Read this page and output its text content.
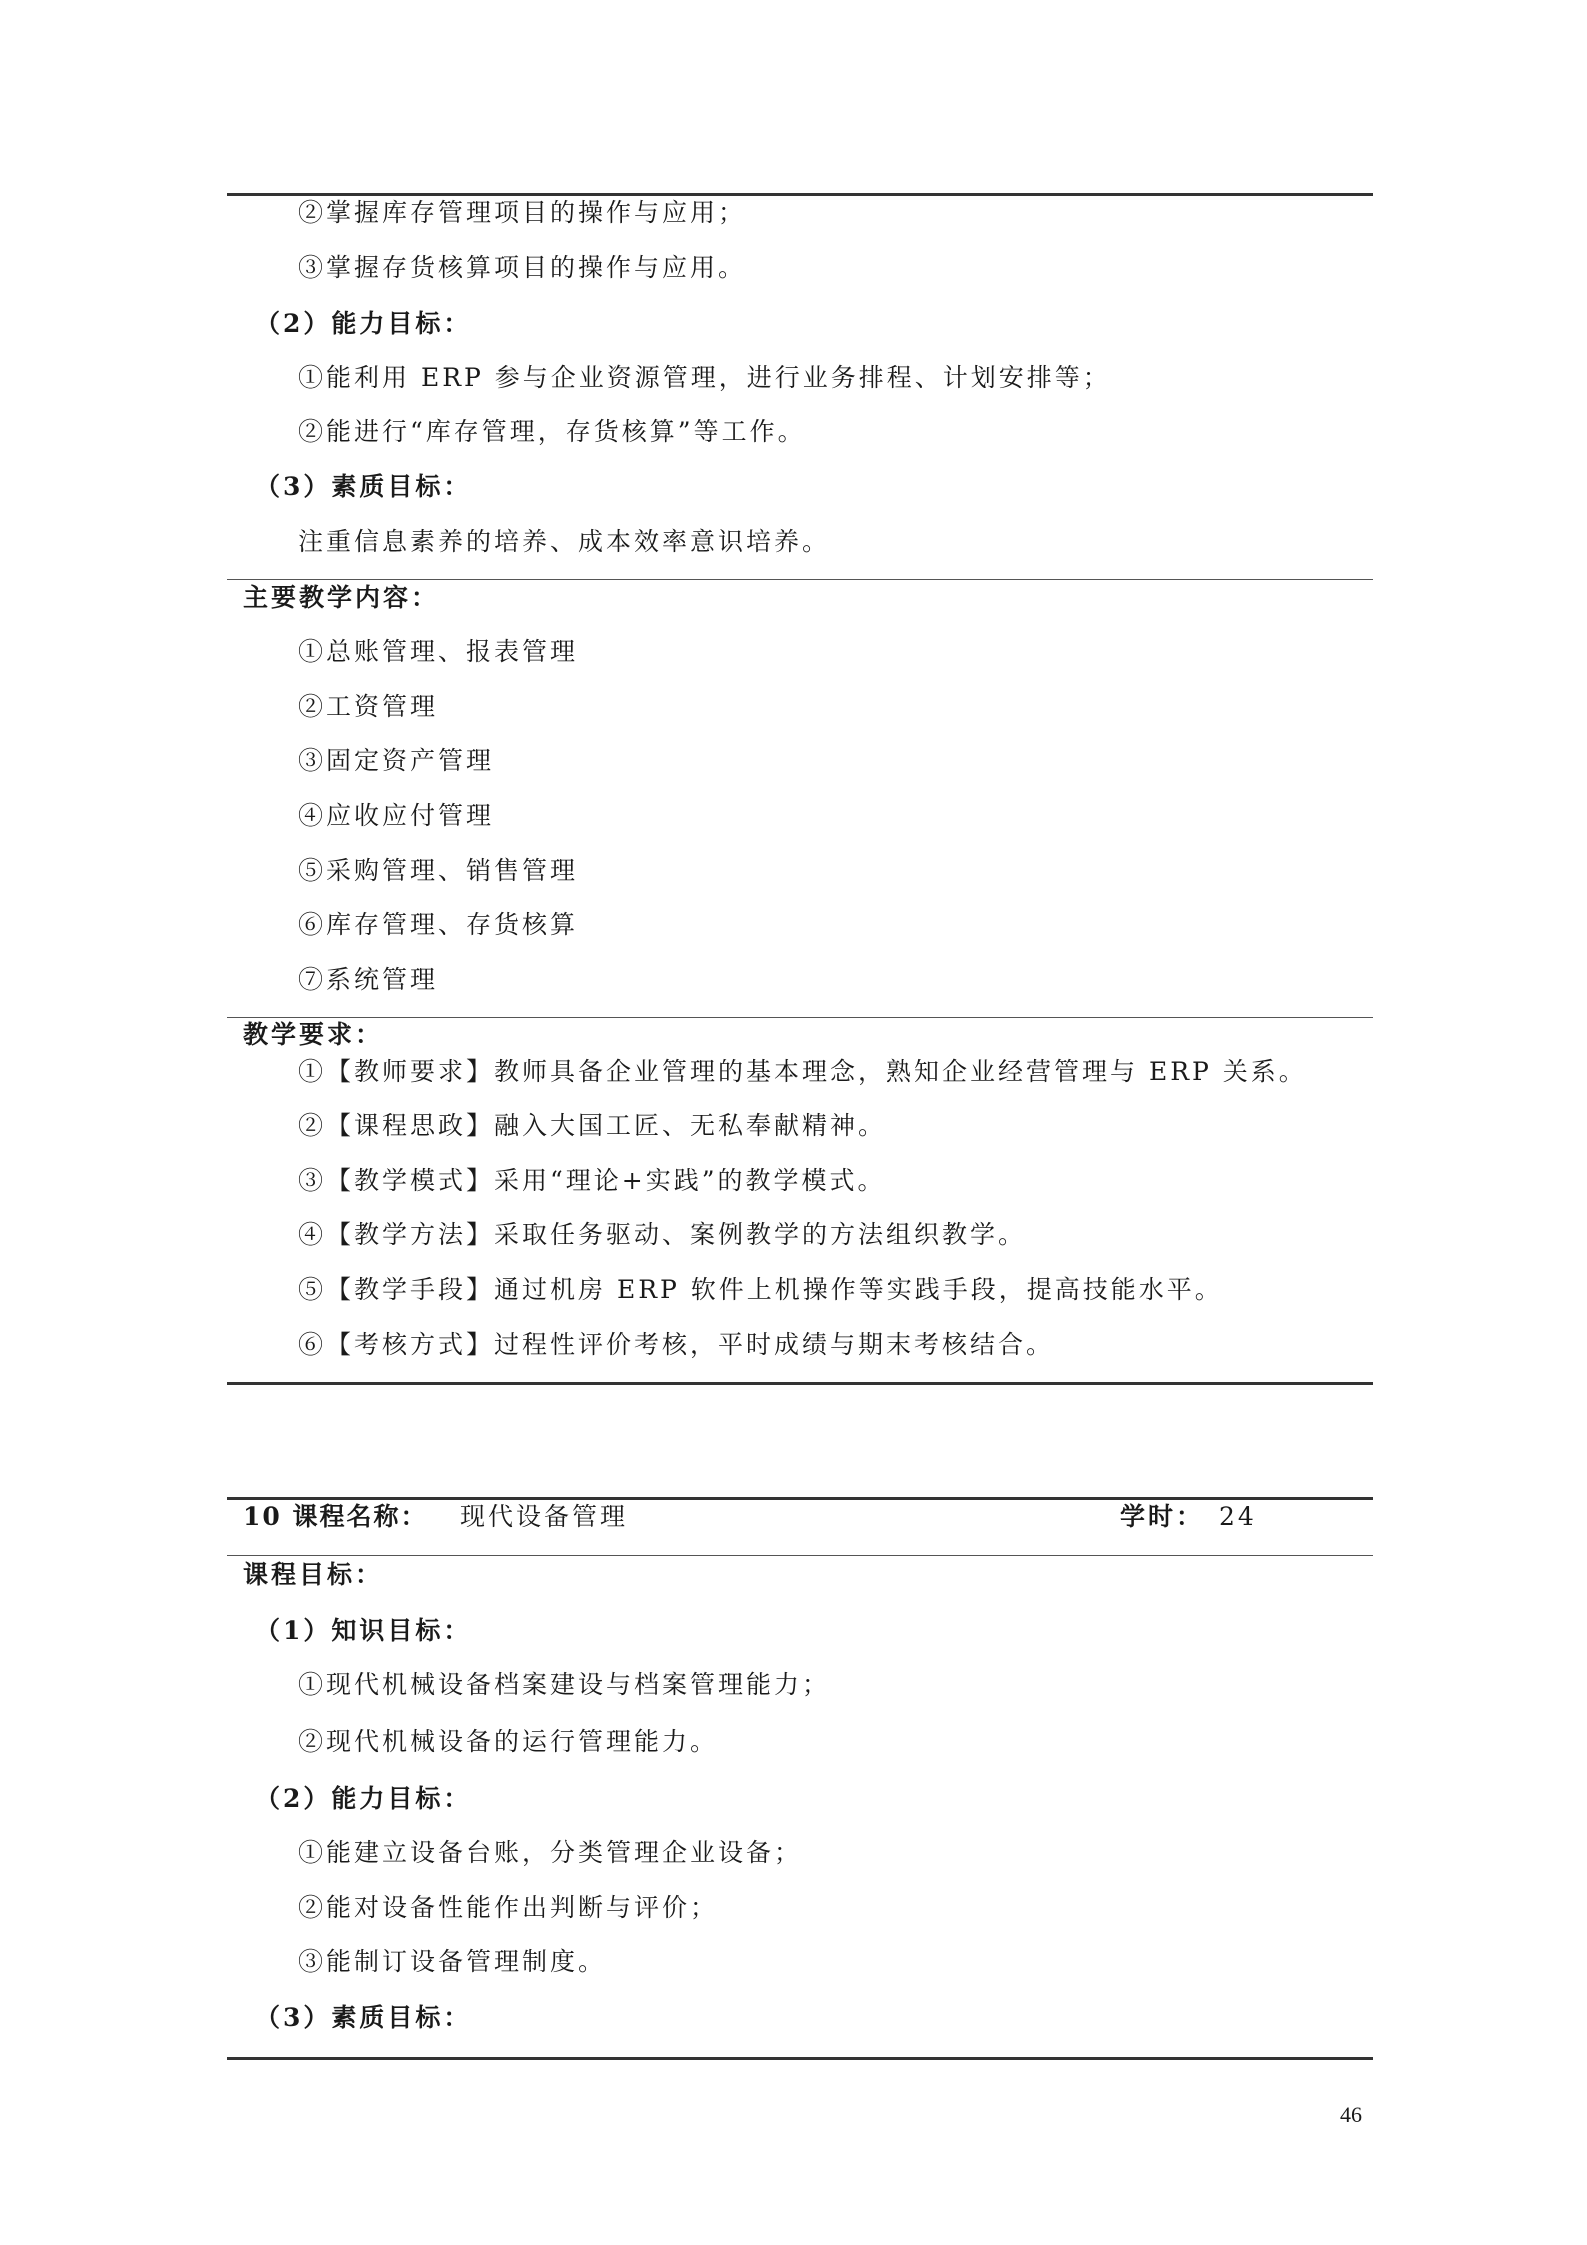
②掌握库存管理项目的操作与应用；
③掌握存货核算项目的操作与应用。
（2）能力目标：
①能利用 ERP 参与企业资源管理，进行业务排程、计划安排等；
②能进行“库存管理，存货核算”等工作。
（3）素质目标：
注重信息素养的培养、成本效率意识培养。
主要教学内容：
①总账管理、报表管理
②工资管理
③固定资产管理
④应收应付管理
⑤采购管理、销售管理
⑥库存管理、存货核算
⑦系统管理
教学要求：
①【教师要求】教师具备企业管理的基本理念，熟知企业经营管理与 ERP 关系。
②【课程思政】融入大国工匠、无私奉献精神。
③【教学模式】采用“理论+实践”的教学模式。
④【教学方法】采取任务驱动、案例教学的方法组织教学。
⑤【教学手段】通过机房 ERP 软件上机操作等实践手段，提高技能水平。
⑥【考核方式】过程性评价考核，平时成绩与期末考核结合。
10 课程名称： 现代设备管理	学时： 24
课程目标：
（1）知识目标：
①现代机械设备档案建设与档案管理能力；
②现代机械设备的运行管理能力。
（2）能力目标：
①能建立设备台账，分类管理企业设备；
②能对设备性能作出判断与评价；
③能制订设备管理制度。
（3）素质目标：
46
